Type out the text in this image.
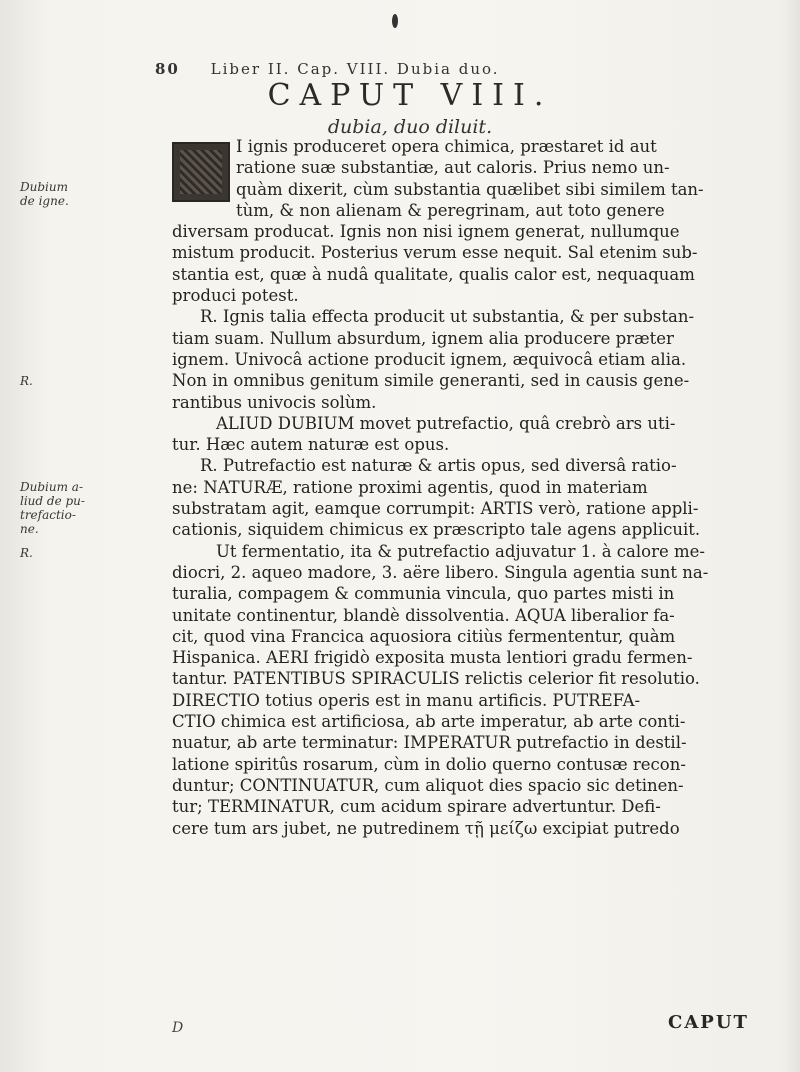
80 Liber II. Cap. VIII. Dubia duo.
CAPUT VIII.
dubia, duo diluit.
Dubium
de igne.
R.
Dubium a-
liud de pu-
trefactio-
ne.
R.
I ignis produceret opera chimica, præstaret id aut
ratione suæ substantiæ, aut caloris. Prius nemo un-
quàm dixerit, cùm substantia quælibet sibi similem tan-
tùm, & non alienam & peregrinam, aut toto genere
diversam producat. Ignis non nisi ignem generat, nullumque
mistum producit. Posterius verum esse nequit. Sal etenim sub-
stantia est, quæ à nudâ qualitate, qualis calor est, nequaquam
produci potest.
R. Ignis talia effecta producit ut substantia, & per substan-
tiam suam. Nullum absurdum, ignem alia producere præter
ignem. Univocâ actione producit ignem, æquivocâ etiam alia.
Non in omnibus genitum simile generanti, sed in causis gene-
rantibus univocis solùm.
ALIUD DUBIUM movet putrefactio, quâ crebrò ars uti-
tur. Hæc autem naturæ est opus.
R. Putrefactio est naturæ & artis opus, sed diversâ ratio-
ne: NATURÆ, ratione proximi agentis, quod in materiam
substratam agit, eamque corrumpit: ARTIS verò, ratione appli-
cationis, siquidem chimicus ex præscripto tale agens applicuit.
Ut fermentatio, ita & putrefactio adjuvatur 1. à calore me-
diocri, 2. aqueo madore, 3. aëre libero. Singula agentia sunt na-
turalia, compagem & communia vincula, quo partes misti in
unitate continentur, blandè dissolventia. AQUA liberalior fa-
cit, quod vina Francica aquosiora citiùs fermententur, quàm
Hispanica. AERI frigidò exposita musta lentiori gradu fermen-
tantur. PATENTIBUS SPIRACULIS relictis celerior fit resolutio.
DIRECTIO totius operis est in manu artificis. PUTREFA-
CTIO chimica est artificiosa, ab arte imperatur, ab arte conti-
nuatur, ab arte terminatur: IMPERATUR putrefactio in destil-
latione spiritûs rosarum, cùm in dolio querno contusæ recon-
duntur; CONTINUATUR, cum aliquot dies spacio sic detinen-
tur; TERMINATUR, cum acidum spirare advertuntur. Defi-
cere tum ars jubet, ne putredinem τῇ μείζω excipiat putredo
D	CAPUT
